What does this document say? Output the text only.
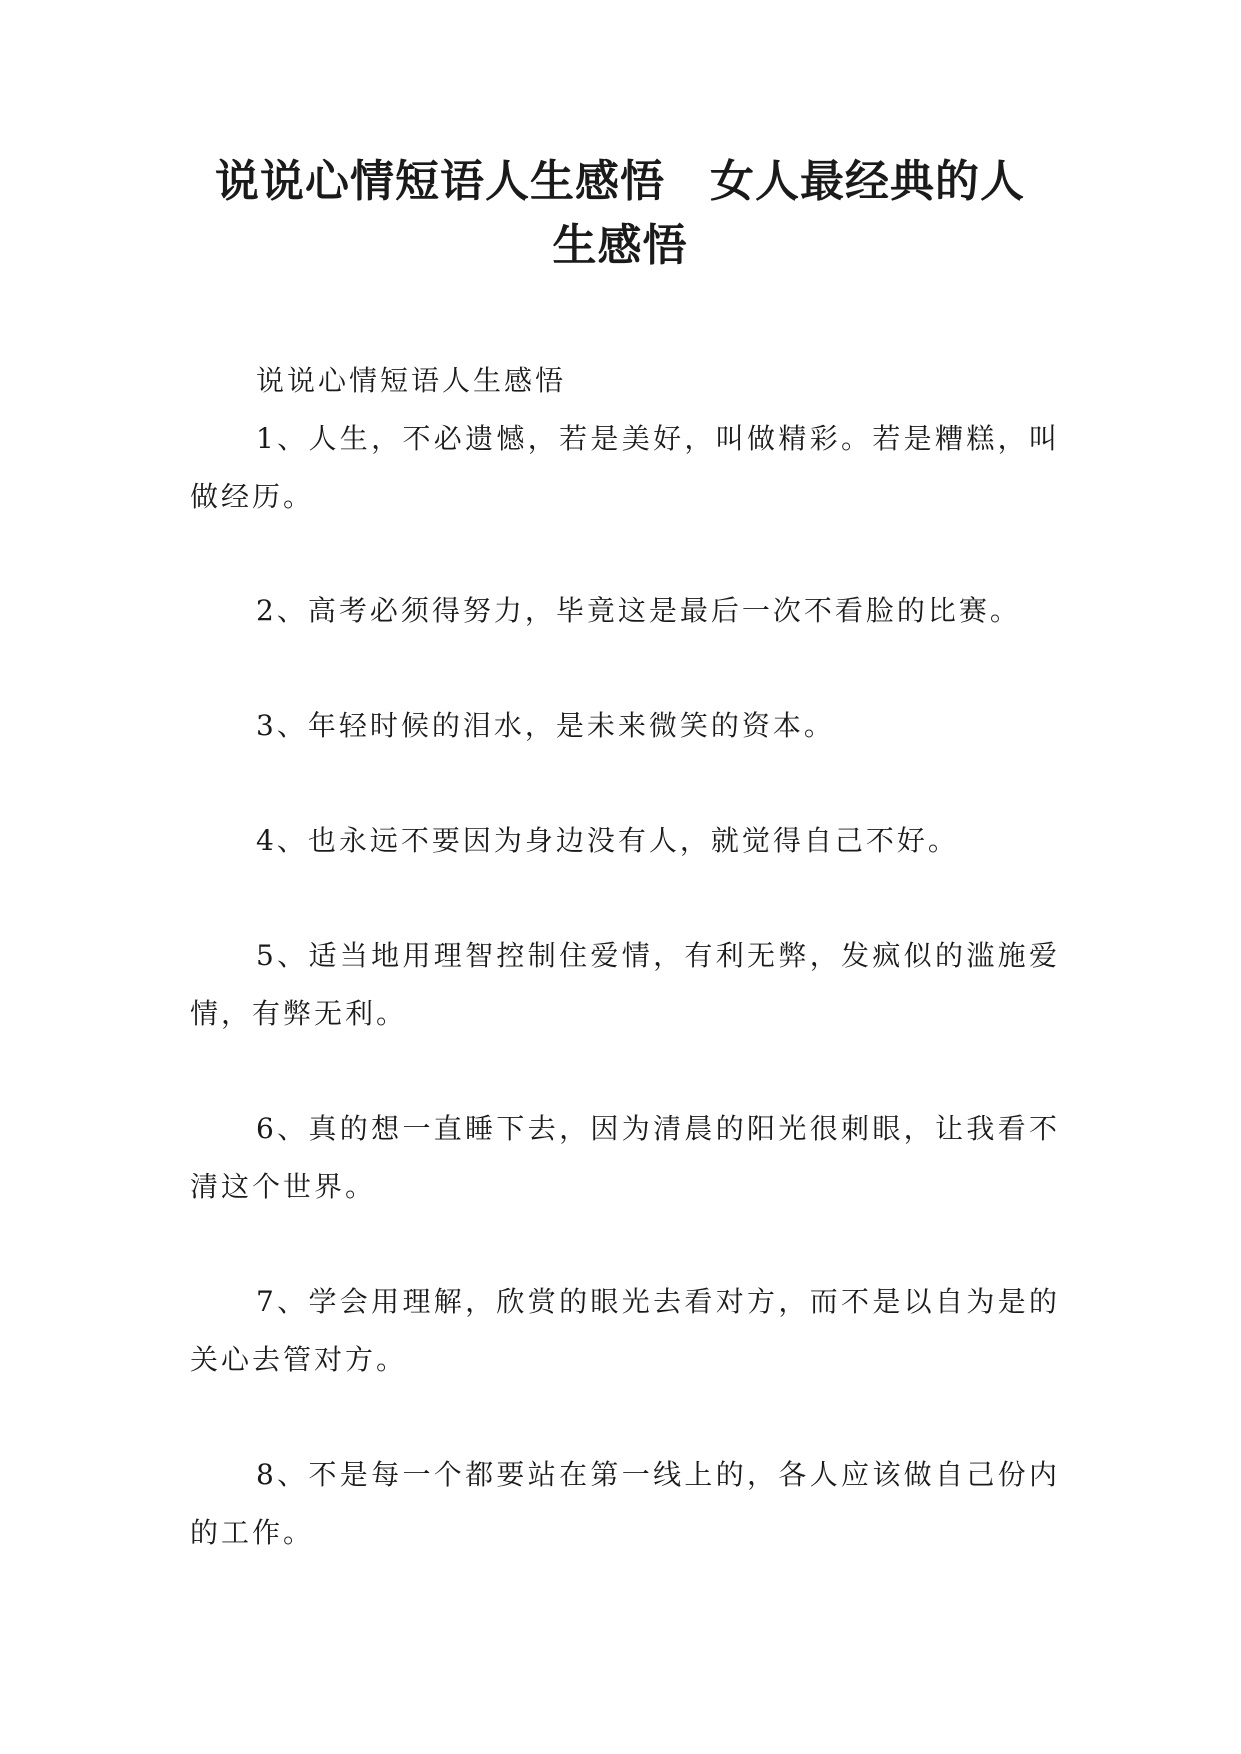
说说心情短语人生感悟　女人最经典的人
生感悟

说说心情短语人生感悟

1、人生，不必遗憾，若是美好，叫做精彩。若是糟糕，叫做经历。
2、高考必须得努力，毕竟这是最后一次不看脸的比赛。
3、年轻时候的泪水，是未来微笑的资本。
4、也永远不要因为身边没有人，就觉得自己不好。
5、适当地用理智控制住爱情，有利无弊，发疯似的滥施爱情，有弊无利。
6、真的想一直睡下去，因为清晨的阳光很刺眼，让我看不清这个世界。
7、学会用理解，欣赏的眼光去看对方，而不是以自为是的关心去管对方。
8、不是每一个都要站在第一线上的，各人应该做自己份内的工作。
